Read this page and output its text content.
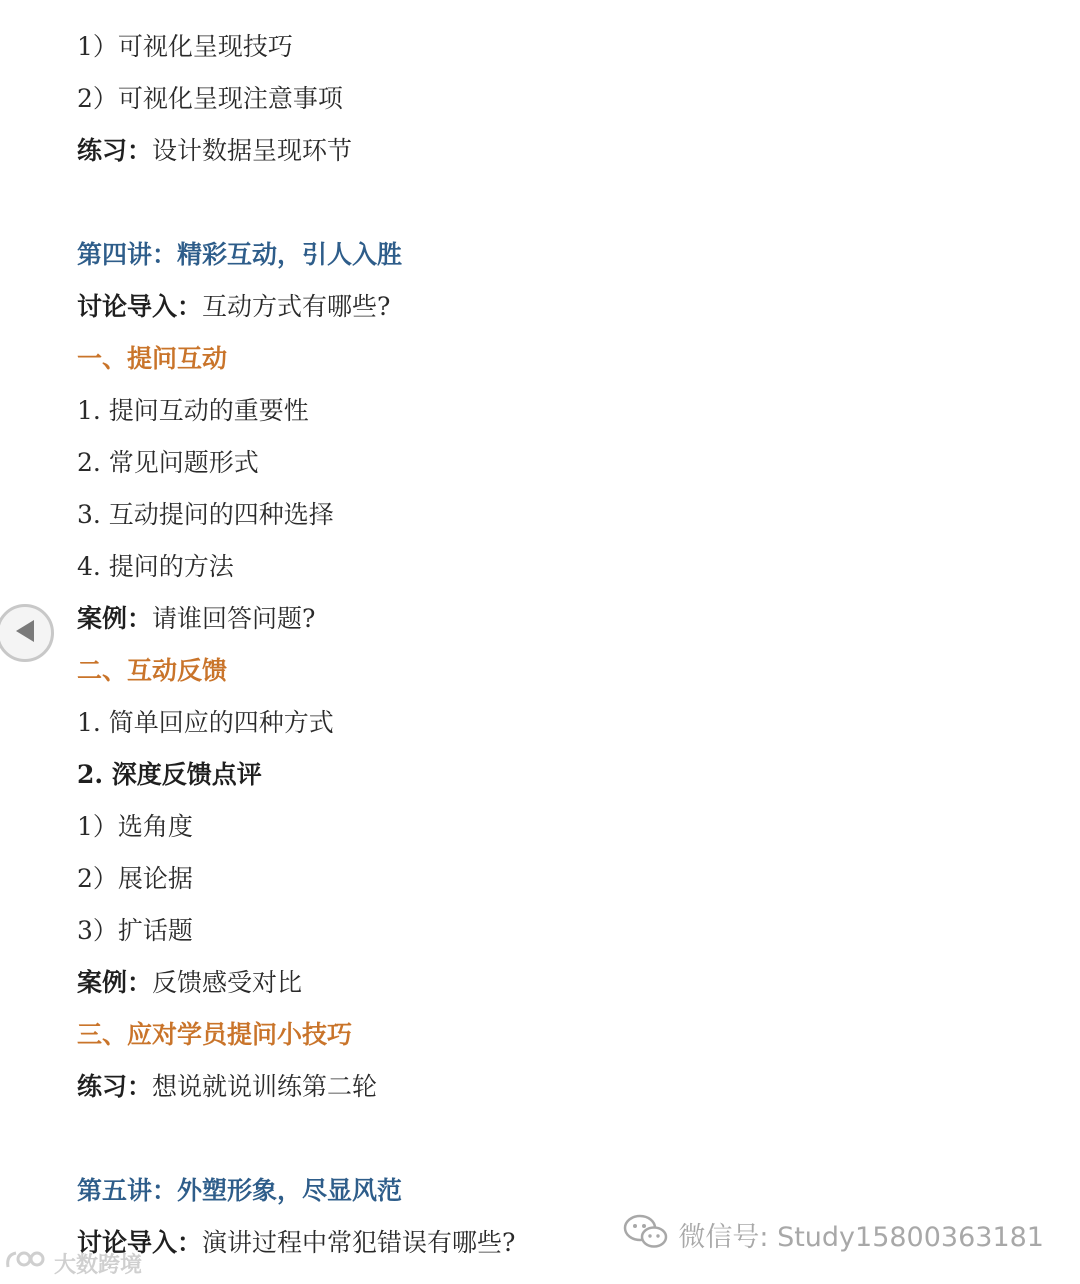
1）可视化呈现技巧
2）可视化呈现注意事项
练习：设计数据呈现环节
第四讲：精彩互动，引人入胜
讨论导入：互动方式有哪些?
一、提问互动
1. 提问互动的重要性
2. 常见问题形式
3. 互动提问的四种选择
4. 提问的方法
案例：请谁回答问题?
二、互动反馈
1. 简单回应的四种方式
2. 深度反馈点评
1）选角度
2）展论据
3）扩话题
案例：反馈感受对比
三、应对学员提问小技巧
练习：想说就说训练第二轮
第五讲：外塑形象，尽显风范
讨论导入：演讲过程中常犯错误有哪些?	微信号: Study15800363181
大数跨境
